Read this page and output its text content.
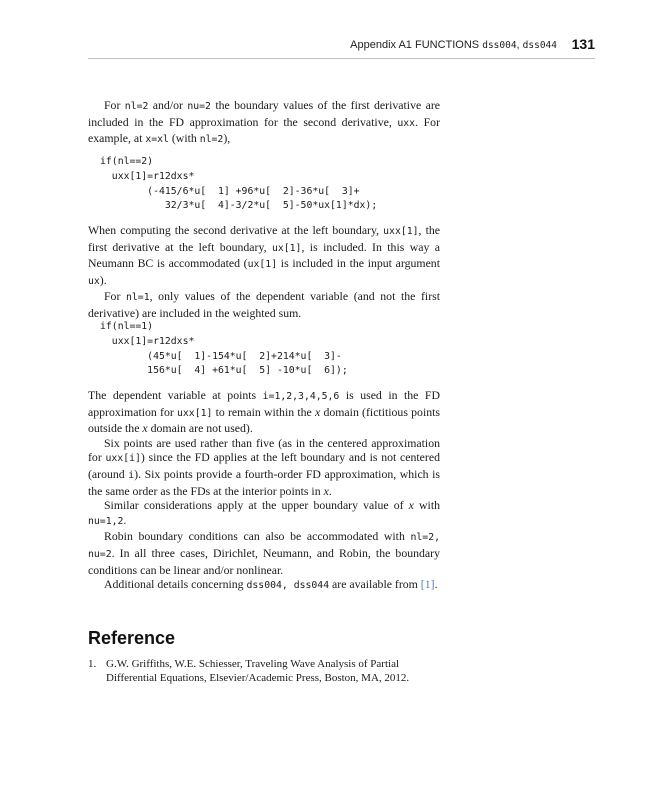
Appendix A1 FUNCTIONS dss004, dss044 131

For nl=2 and/or nu=2 the boundary values of the first derivative are included in the FD approximation for the second derivative, uxx. For example, at x=xl (with nl=2),

if(nl==2)
uxx[1]=r12dxs*
(-415/6*u[  1] +96*u[  2]-36*u[  3]+
32/3*u[  4]-3/2*u[  5]-50*ux[1]*dx);

When computing the second derivative at the left boundary, uxx[1], the first derivative at the left boundary, ux[1], is included. In this way a Neumann BC is accommodated (ux[1] is included in the input argument ux).

For nl=1, only values of the dependent variable (and not the first derivative) are included in the weighted sum.

if(nl==1)
uxx[1]=r12dxs*
(45*u[  1]-154*u[  2]+214*u[  3]-
156*u[  4] +61*u[  5] -10*u[  6]);

The dependent variable at points i=1,2,3,4,5,6 is used in the FD approximation for uxx[1] to remain within the x domain (fictitious points outside the x domain are not used).

Six points are used rather than five (as in the centered approximation for uxx[i]) since the FD applies at the left boundary and is not centered (around i). Six points provide a fourth-order FD approximation, which is the same order as the FDs at the interior points in x.

Similar considerations apply at the upper boundary value of x with nu=1,2.

Robin boundary conditions can also be accommodated with nl=2, nu=2. In all three cases, Dirichlet, Neumann, and Robin, the boundary conditions can be linear and/or nonlinear.

Additional details concerning dss004, dss044 are available from [1].

Reference
1. G.W. Griffiths, W.E. Schiesser, Traveling Wave Analysis of Partial Differential Equations, Elsevier/Academic Press, Boston, MA, 2012.
